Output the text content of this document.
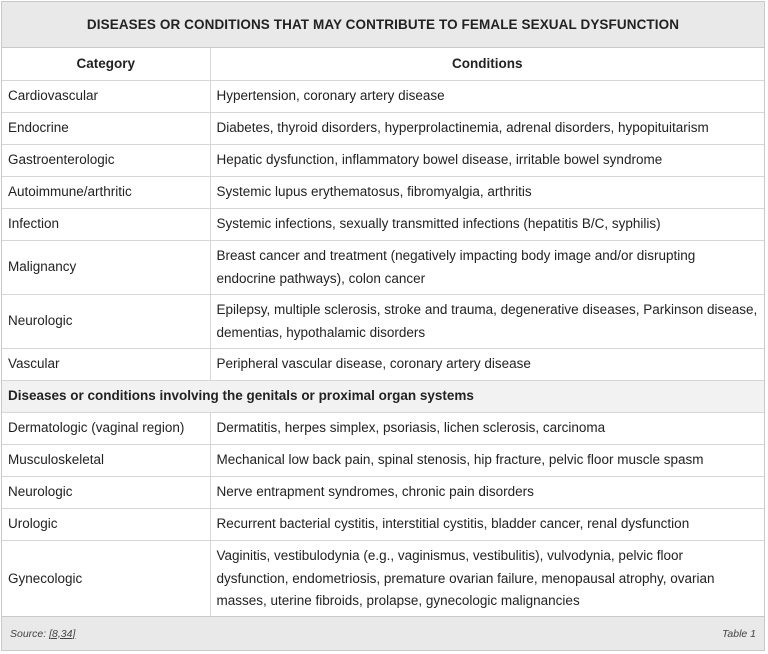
DISEASES OR CONDITIONS THAT MAY CONTRIBUTE TO FEMALE SEXUAL DYSFUNCTION
Category	Conditions
Cardiovascular	Hypertension, coronary artery disease
Endocrine	Diabetes, thyroid disorders, hyperprolactinemia, adrenal disorders, hypopituitarism
Gastroenterologic	Hepatic dysfunction, inflammatory bowel disease, irritable bowel syndrome
Autoimmune/arthritic	Systemic lupus erythematosus, fibromyalgia, arthritis
Infection	Systemic infections, sexually transmitted infections (hepatitis B/C, syphilis)
Malignancy	Breast cancer and treatment (negatively impacting body image and/or disrupting endocrine pathways), colon cancer
Neurologic	Epilepsy, multiple sclerosis, stroke and trauma, degenerative diseases, Parkinson disease, dementias, hypothalamic disorders
Vascular	Peripheral vascular disease, coronary artery disease
Diseases or conditions involving the genitals or proximal organ systems	
Dermatologic (vaginal region)	Dermatitis, herpes simplex, psoriasis, lichen sclerosis, carcinoma
Musculoskeletal	Mechanical low back pain, spinal stenosis, hip fracture, pelvic floor muscle spasm
Neurologic	Nerve entrapment syndromes, chronic pain disorders
Urologic	Recurrent bacterial cystitis, interstitial cystitis, bladder cancer, renal dysfunction
Gynecologic	Vaginitis, vestibulodynia (e.g., vaginismus, vestibulitis), vulvodynia, pelvic floor dysfunction, endometriosis, premature ovarian failure, menopausal atrophy, ovarian masses, uterine fibroids, prolapse, gynecologic malignancies
Source: [8,34]	Table 1
